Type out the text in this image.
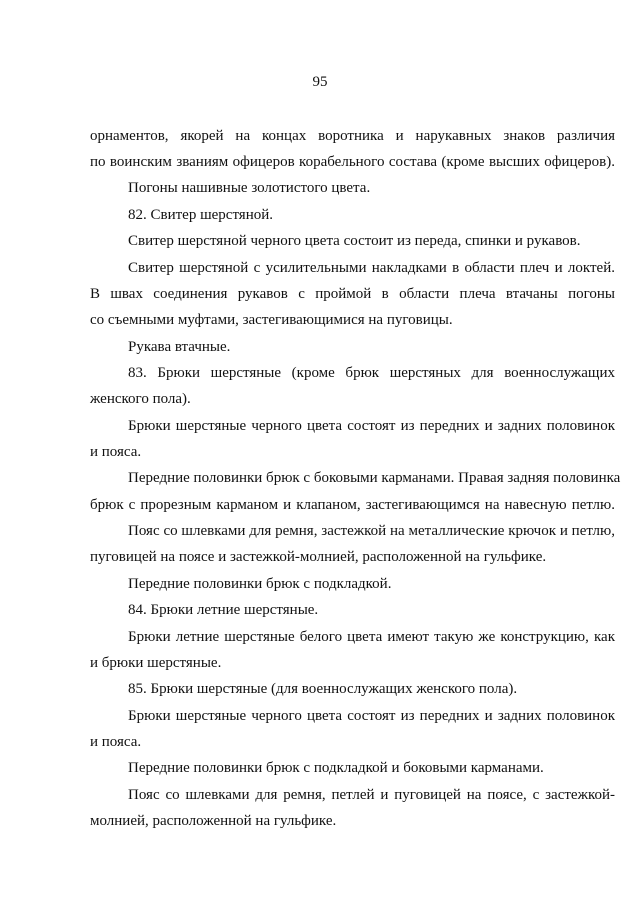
95
орнаментов, якорей на концах воротника и нарукавных знаков различия
по воинским званиям офицеров корабельного состава (кроме высших офицеров).
Погоны нашивные золотистого цвета.
82. Свитер шерстяной.
Свитер шерстяной черного цвета состоит из переда, спинки и рукавов.
Свитер шерстяной с усилительными накладками в области плеч и локтей.
В швах соединения рукавов с проймой в области плеча втачаны погоны
со съемными муфтами, застегивающимися на пуговицы.
Рукава втачные.
83. Брюки шерстяные (кроме брюк шерстяных для военнослужащих
женского пола).
Брюки шерстяные черного цвета состоят из передних и задних половинок
и пояса.
Передние половинки брюк с боковыми карманами. Правая задняя половинка
брюк с прорезным карманом и клапаном, застегивающимся на навесную петлю.
Пояс со шлевками для ремня, застежкой на металлические крючок и петлю,
пуговицей на поясе и застежкой-молнией, расположенной на гульфике.
Передние половинки брюк с подкладкой.
84. Брюки летние шерстяные.
Брюки летние шерстяные белого цвета имеют такую же конструкцию, как
и брюки шерстяные.
85. Брюки шерстяные (для военнослужащих женского пола).
Брюки шерстяные черного цвета состоят из передних и задних половинок
и пояса.
Передние половинки брюк с подкладкой и боковыми карманами.
Пояс со шлевками для ремня, петлей и пуговицей на поясе, с застежкой-
молнией, расположенной на гульфике.
